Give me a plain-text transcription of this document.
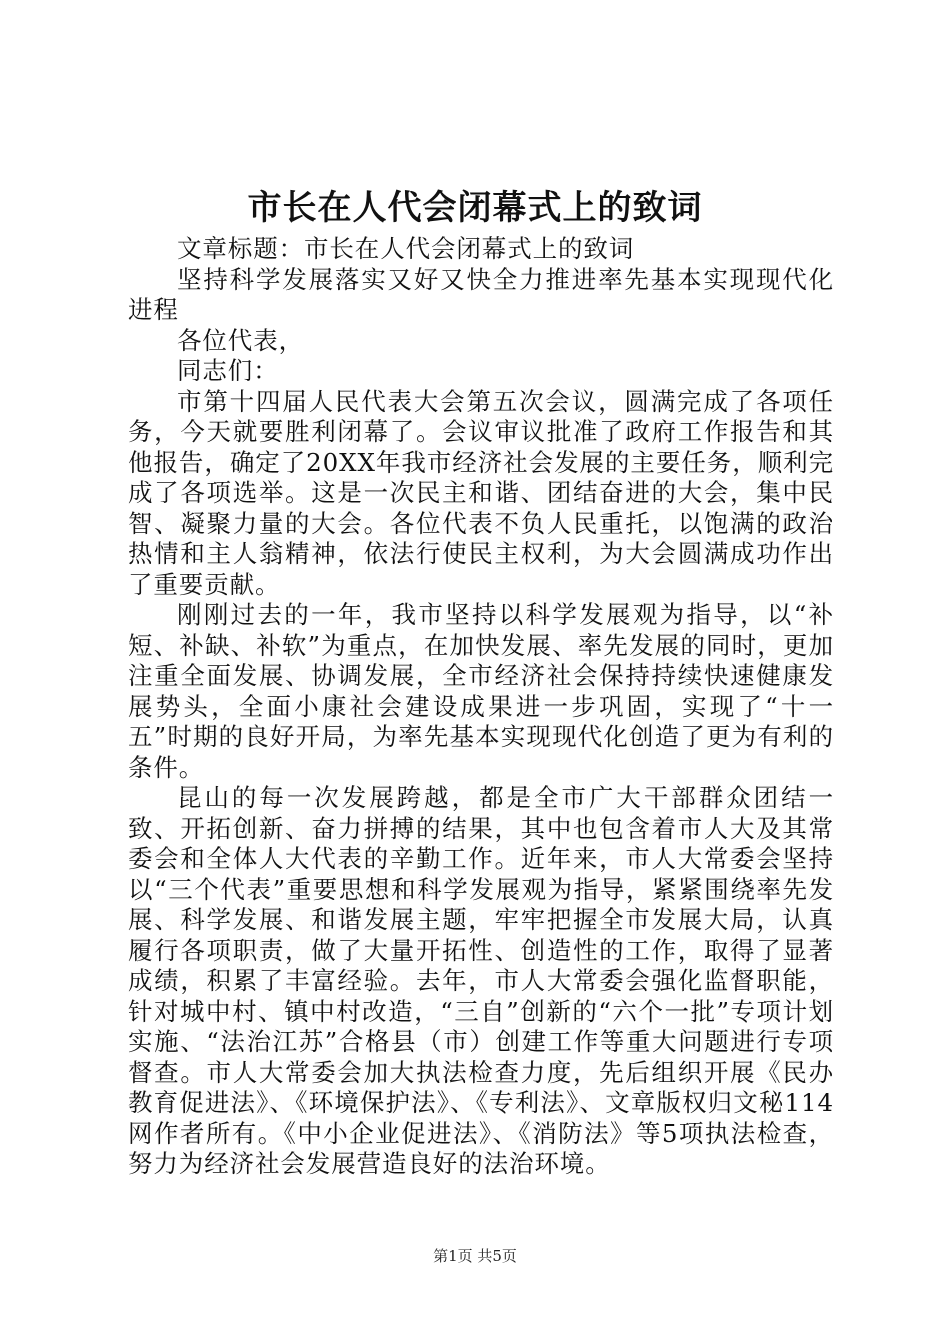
市长在人代会闭幕式上的致词

文章标题：市长在人代会闭幕式上的致词

坚持科学发展落实又好又快全力推进率先基本实现现代化进程

各位代表，

同志们：

市第十四届人民代表大会第五次会议，圆满完成了各项任务，今天就要胜利闭幕了。会议审议批准了政府工作报告和其他报告，确定了20XX年我市经济社会发展的主要任务，顺利完成了各项选举。这是一次民主和谐、团结奋进的大会，集中民智、凝聚力量的大会。各位代表不负人民重托，以饱满的政治热情和主人翁精神，依法行使民主权利，为大会圆满成功作出了重要贡献。

刚刚过去的一年，我市坚持以科学发展观为指导，以“补短、补缺、补软”为重点，在加快发展、率先发展的同时，更加注重全面发展、协调发展，全市经济社会保持持续快速健康发展势头，全面小康社会建设成果进一步巩固，实现了“十一五”时期的良好开局，为率先基本实现现代化创造了更为有利的条件。

昆山的每一次发展跨越，都是全市广大干部群众团结一致、开拓创新、奋力拼搏的结果，其中也包含着市人大及其常委会和全体人大代表的辛勤工作。近年来，市人大常委会坚持以“三个代表”重要思想和科学发展观为指导，紧紧围绕率先发展、科学发展、和谐发展主题，牢牢把握全市发展大局，认真履行各项职责，做了大量开拓性、创造性的工作，取得了显著成绩，积累了丰富经验。去年，市人大常委会强化监督职能，针对城中村、镇中村改造，“三自”创新的“六个一批”专项计划实施、“法治江苏”合格县（市）创建工作等重大问题进行专项督查。市人大常委会加大执法检查力度，先后组织开展《民办教育促进法》、《环境保护法》、《专利法》、文章版权归文秘114网作者所有。《中小企业促进法》、《消防法》等5项执法检查，努力为经济社会发展营造良好的法治环境。

第1页 共5页
